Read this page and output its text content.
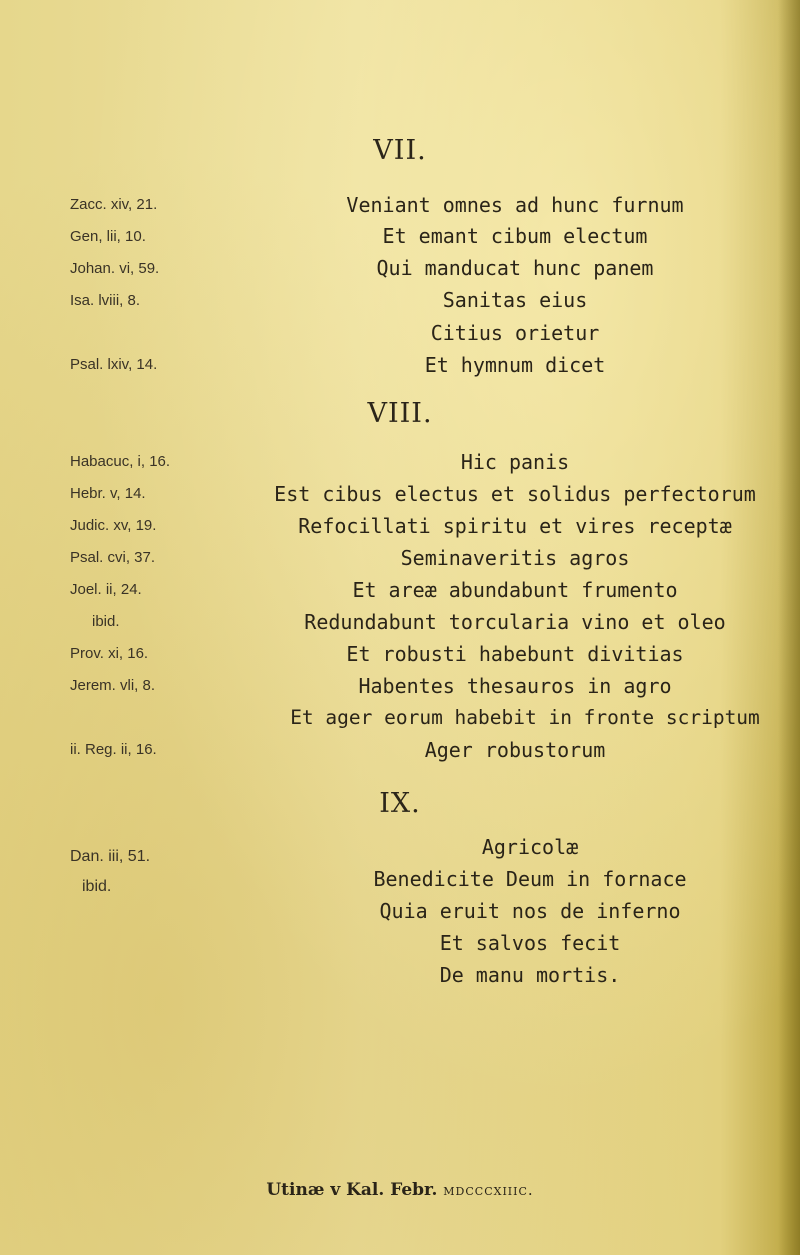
VII.
Zacc. xiv, 21.
Gen, lii, 10.
Johan. vi, 59.
Isa. lviii, 8.
Psal. lxiv, 14.
Veniant omnes ad hunc furnum
Et emant cibum electum
Qui manducat hunc panem
Sanitas eius
Citius orietur
Et hymnum dicet
VIII.
Habacuc, i, 16.
Hebr. v, 14.
Judic. xv, 19.
Psal. cvi, 37.
Joel. ii, 24.
ibid.
Prov. xi, 16.
Jerem. vli, 8.
ii. Reg. ii, 16.
Hic panis
Est cibus electus et solidus perfectorum
Refocillati spiritu et vires receptæ
Seminaveritis agros
Et areæ abundabunt frumento
Redundabunt torcularia vino et oleo
Et robusti habebunt divitias
Habentes thesauros in agro
Et ager eorum habebit in fronte scriptum
Ager robustorum
IX.
Dan. iii, 51.
ibid.
Agricolæ
Benedicite Deum in fornace
Quia eruit nos de inferno
Et salvos fecit
De manu mortis.
Utinæ v Kal. Febr. mdcccxiiic.
